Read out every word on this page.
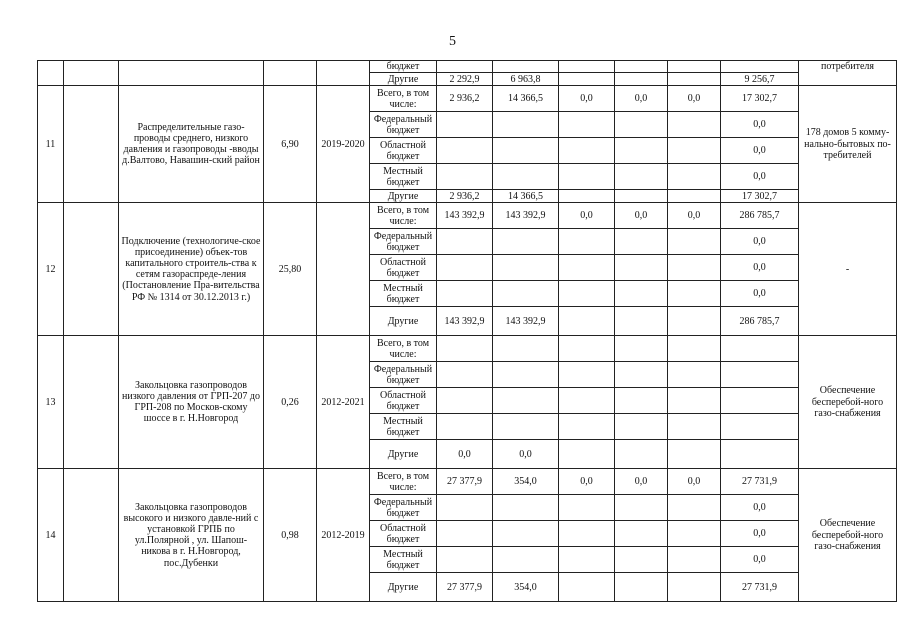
5
					бюджет							потребителя
					Другие	2 292,9	6 963,8				9 256,7	
11		Распределительные газо-проводы среднего, низкого давления и газопроводы -вводы д.Валтово, Навашин-ский район	6,90	2019-2020	Всего, в том числе:	2 936,2	14 366,5	0,0	0,0	0,0	17 302,7	178 домов 5 комму-нально-бытовых по-требителей
					Федеральный бюджет						0,0	
					Областной бюджет						0,0	
					Местный бюджет						0,0	
					Другие	2 936,2	14 366,5				17 302,7	
12		Подключение (технологиче-ское присоединение) объек-тов капитального строитель-ства к сетям газораспреде-ления (Постановление Пра-вительства РФ № 1314 от 30.12.2013 г.)	25,80		Всего, в том числе:	143 392,9	143 392,9	0,0	0,0	0,0	286 785,7	-
					Федеральный бюджет						0,0	
					Областной бюджет						0,0	
					Местный бюджет						0,0	
					Другие	143 392,9	143 392,9				286 785,7	
13		Закольцовка газопроводов низкого давления от ГРП-207 до ГРП-208 по Москов-скому шоссе в г. Н.Новгород	0,26	2012-2021	Всего, в том числе:							Обеспечение бесперебой-ного газо-снабжения
					Федеральный бюджет							
					Областной бюджет							
					Местный бюджет							
					Другие	0,0	0,0					
14		Закольцовка газопроводов высокого и низкого давле-ний с установкой ГРПБ по ул.Полярной , ул. Шапош-никова в г. Н.Новгород, пос.Дубенки	0,98	2012-2019	Всего, в том числе:	27 377,9	354,0	0,0	0,0	0,0	27 731,9	Обеспечение бесперебой-ного газо-снабжения
					Федеральный бюджет						0,0	
					Областной бюджет						0,0	
					Местный бюджет						0,0	
					Другие	27 377,9	354,0				27 731,9	
